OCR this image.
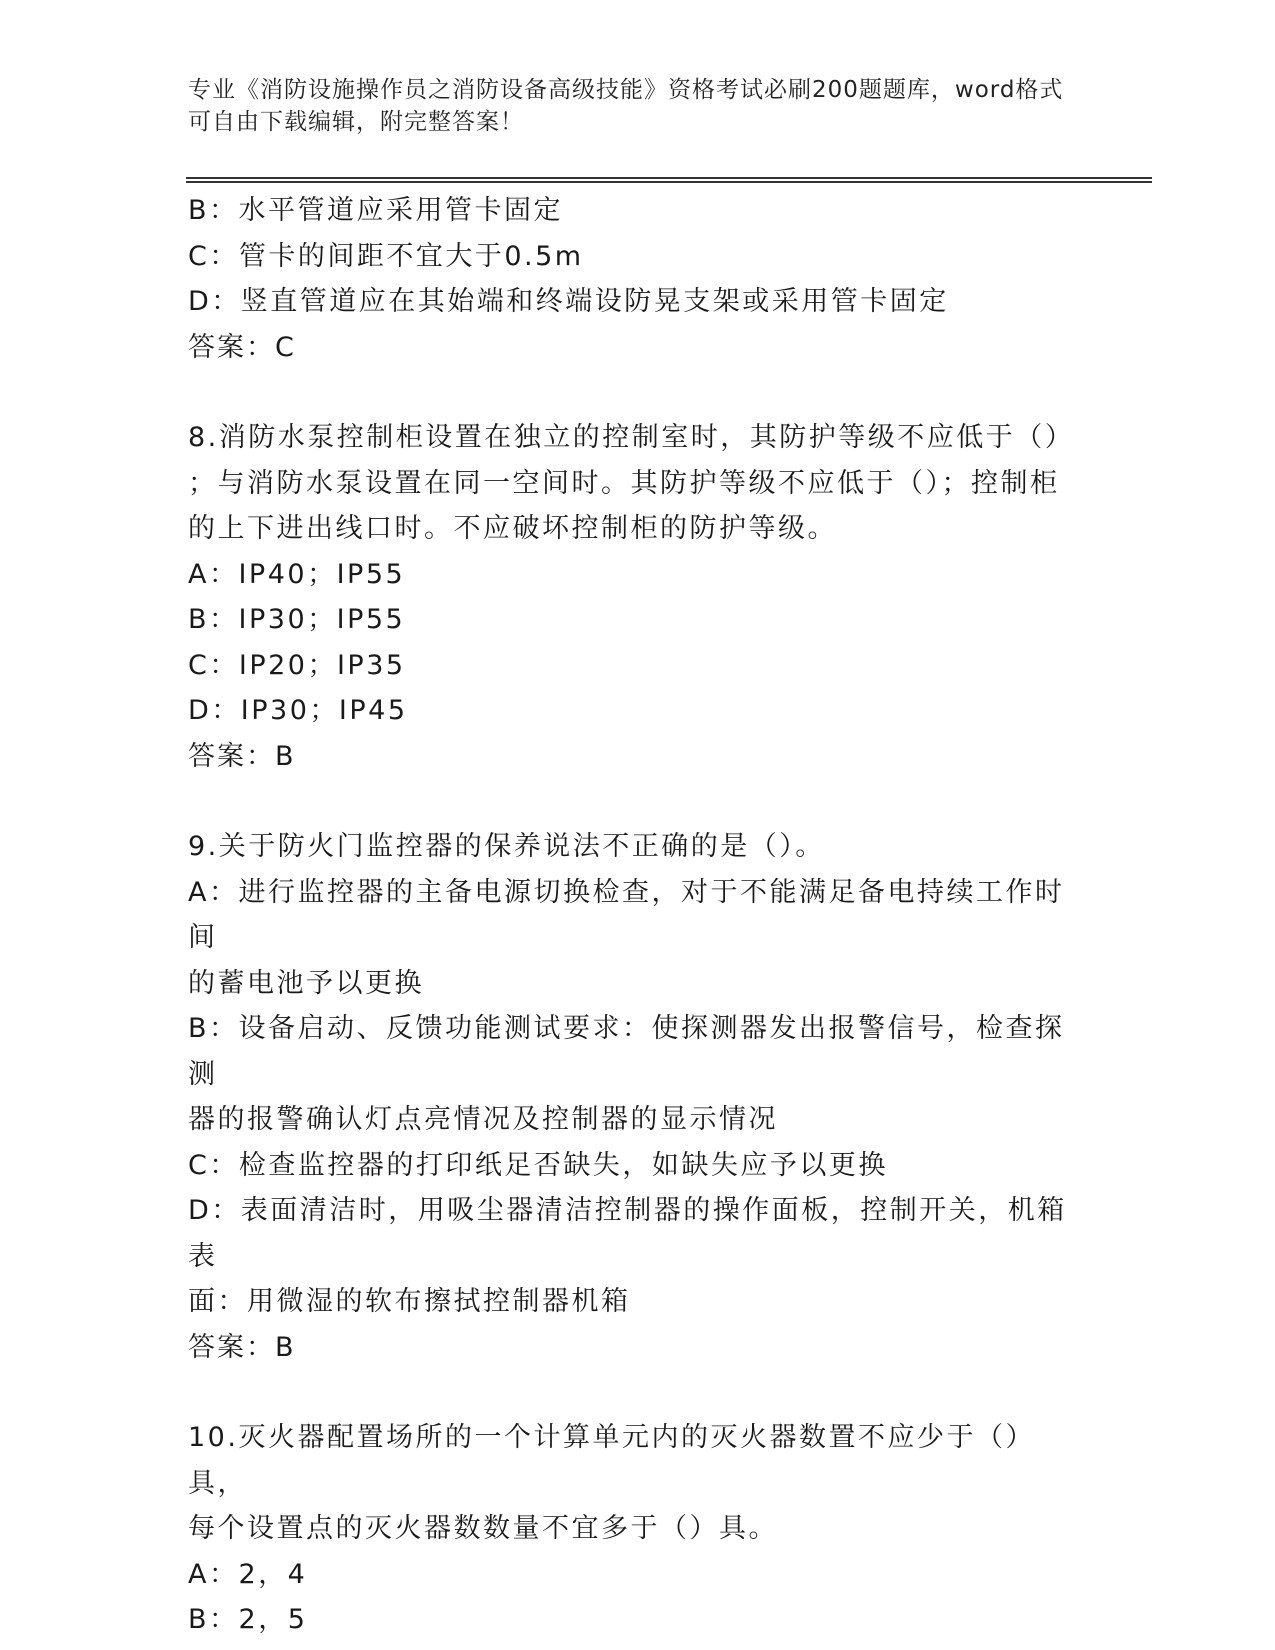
专业《消防设施操作员之消防设备高级技能》资格考试必刷200题题库，word格式可自由下载编辑，附完整答案！
B：水平管道应采用管卡固定
C：管卡的间距不宜大于0.5m
D：竖直管道应在其始端和终端设防晃支架或采用管卡固定
答案：C
8.消防水泵控制柜设置在独立的控制室时，其防护等级不应低于（）
；与消防水泵设置在同一空间时。其防护等级不应低于（）；控制柜
的上下进出线口时。不应破坏控制柜的防护等级。
A：IP40；IP55
B：IP30；IP55
C：IP20；IP35
D：IP30；IP45
答案：B
9.关于防火门监控器的保养说法不正确的是（）。
A：进行监控器的主备电源切换检查，对于不能满足备电持续工作时间
的蓄电池予以更换
B：设备启动、反馈功能测试要求：使探测器发出报警信号，检查探测
器的报警确认灯点亮情况及控制器的显示情况
C：检查监控器的打印纸足否缺失，如缺失应予以更换
D：表面清洁时，用吸尘器清洁控制器的操作面板，控制开关，机箱表
面：用微湿的软布擦拭控制器机箱
答案：B
10.灭火器配置场所的一个计算单元内的灭火器数置不应少于（）具，
每个设置点的灭火器数数量不宜多于（）具。
A：2，4
B：2，5
